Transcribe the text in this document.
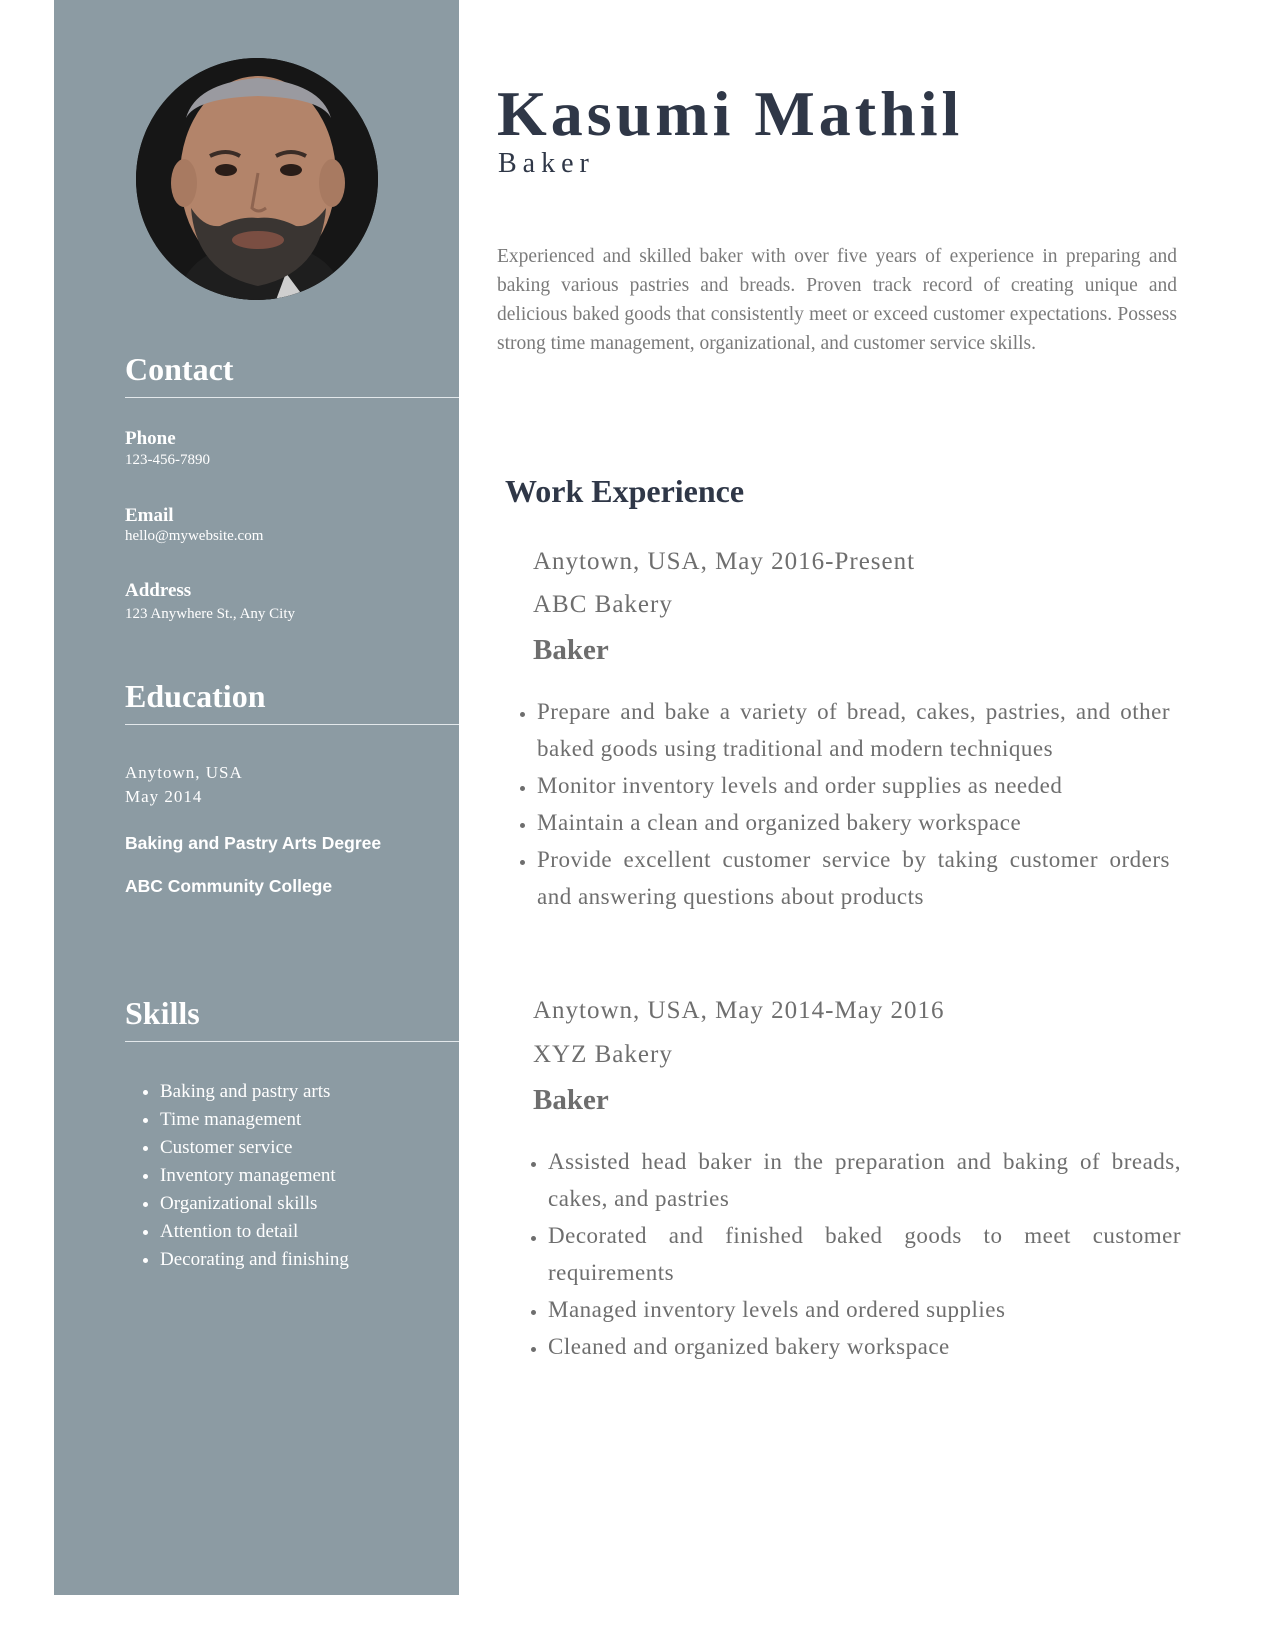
Contact
Phone
123-456-7890
Email
hello@mywebsite.com
Address
123 Anywhere St., Any City
Education
Anytown, USA
May 2014
Baking and Pastry Arts Degree
ABC Community College
Skills
• Baking and pastry arts
• Time management
• Customer service
• Inventory management
• Organizational skills
• Attention to detail
• Decorating and finishing
Kasumi Mathil
Baker

Experienced and skilled baker with over five years of experience in preparing and baking various pastries and breads. Proven track record of creating unique and delicious baked goods that consistently meet or exceed customer expectations. Possess strong time management, organizational, and customer service skills.

Work Experience
Anytown, USA, May 2016-Present
ABC Bakery
Baker
• Prepare and bake a variety of bread, cakes, pastries, and other baked goods using traditional and modern techniques
• Monitor inventory levels and order supplies as needed
• Maintain a clean and organized bakery workspace
• Provide excellent customer service by taking customer orders and answering questions about products
Anytown, USA, May 2014-May 2016
XYZ Bakery
Baker
• Assisted head baker in the preparation and baking of breads, cakes, and pastries
• Decorated and finished baked goods to meet customer requirements
• Managed inventory levels and ordered supplies
• Cleaned and organized bakery workspace
